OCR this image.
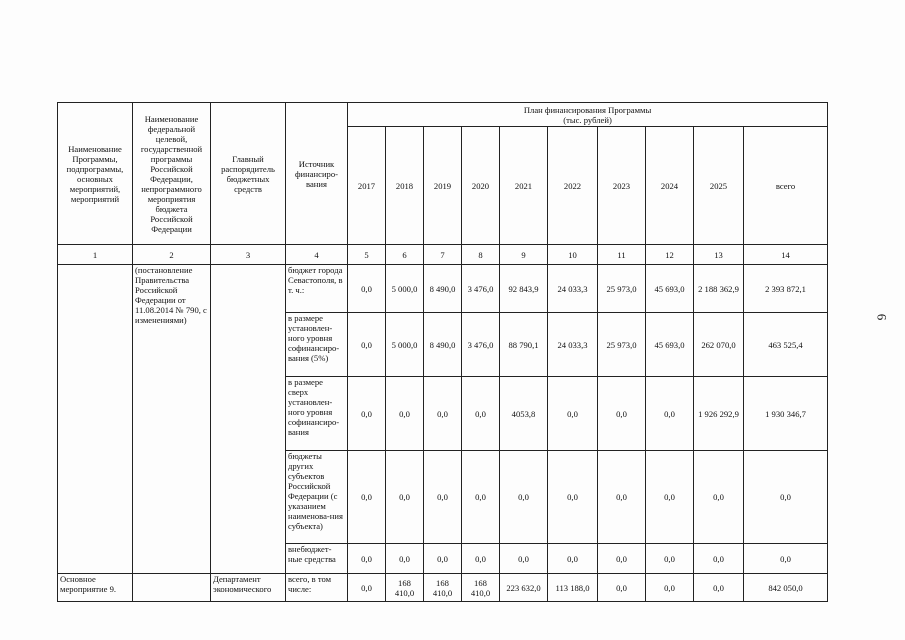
Наименование Программы, подпрограммы, основных мероприятий, мероприятий	Наименование федеральной целевой, государственной программы Российской Федерации, непрограммного мероприятия бюджета Российской Федерации	Главный распорядитель бюджетных средств	Источник финансиро-вания	План финансирования Программы
(тыс. рублей)									

				2017	2018	2019	2020	2021	2022	2023	2024	2025	всего
1	2	3	4	5	6	7	8	9	10	11	12	13	14
	(постановление Правительства Российской Федерации от 11.08.2014 № 790, с изменениями)		бюджет города Севастополя, в т. ч.:	0,0	5 000,0	8 490,0	3 476,0	92 843,9	24 033,3	25 973,0	45 693,0	2 188 362,9	2 393 872,1
			в размере установлен-ного уровня софинансиро-вания (5%)	0,0	5 000,0	8 490,0	3 476,0	88 790,1	24 033,3	25 973,0	45 693,0	262 070,0	463 525,4
			в размере сверх установлен-ного уровня софинансиро-вания	0,0	0,0	0,0	0,0	4053,8	0,0	0,0	0,0	1 926 292,9	1 930 346,7
			бюджеты других субъектов Российской Федерации (с указанием наименова-ния субъекта)	0,0	0,0	0,0	0,0	0,0	0,0	0,0	0,0	0,0	0,0
			внебюджет-ные средства	0,0	0,0	0,0	0,0	0,0	0,0	0,0	0,0	0,0	0,0
Основное мероприятие 9.		Департамент экономического	всего, в том числе:	0,0	168 410,0	168 410,0	168 410,0	223 632,0	113 188,0	0,0	0,0	0,0	842 050,0
6
